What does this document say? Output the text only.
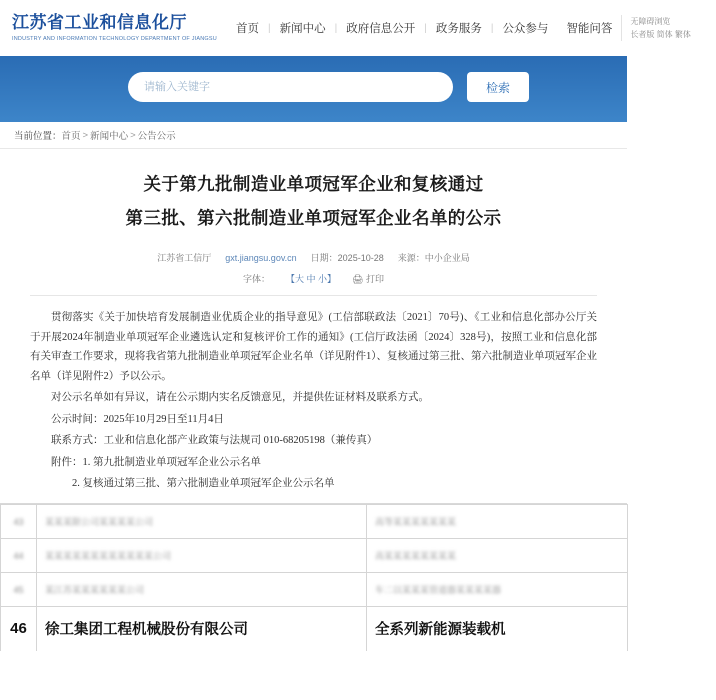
江苏省工业和信息化厅
INDUSTRY AND INFORMATION TECHNOLOGY DEPARTMENT OF JIANGSU
首页 | 新闻中心 | 政府信息公开 | 政务服务 | 公众参与	智能问答
无障碍浏览
长者版 简体 繁体
请输入关键字
检索
当前位置： 首页 > 新闻中心 > 公告公示
关于第九批制造业单项冠军企业和复核通过
第三批、第六批制造业单项冠军企业名单的公示
江苏省工信厅 gxt.jiangsu.gov.cn 日期：2025-10-28 来源：中小企业局
字体： 【大 中 小】 🖨 打印

贯彻落实《关于加快培育发展制造业优质企业的指导意见》(工信部联政法〔2021〕70号)、《工业和信息化部办公厅关于开展2024年制造业单项冠军企业遴选认定和复核评价工作的通知》(工信厅政法函〔2024〕328号)，按照工业和信息化部有关审查工作要求，现将我省第九批制造业单项冠军企业名单（详见附件1）、复核通过第三批、第六批制造业单项冠军企业名单（详见附件2）予以公示。

对公示名单如有异议，请在公示期内实名反馈意见，并提供佐证材料及联系方式。

公示时间：2025年10月29日至11月4日

联系方式：工业和信息化部产业政策与法规司 010-68205198（兼传真）

附件：1. 第九批制造业单项冠军企业公示名单

2. 复核通过第三批、第六批制造业单项冠军企业公示名单

43	某某某限公司某某某某公司	高等某某某某某某某
44	某某某某某某某某某某某某公司	高某某某某某某某某
45	某江苏某某某某某某公司	车二以某某某管道器某某某某器
46	徐工集团工程机械股份有限公司	全系列新能源装载机
